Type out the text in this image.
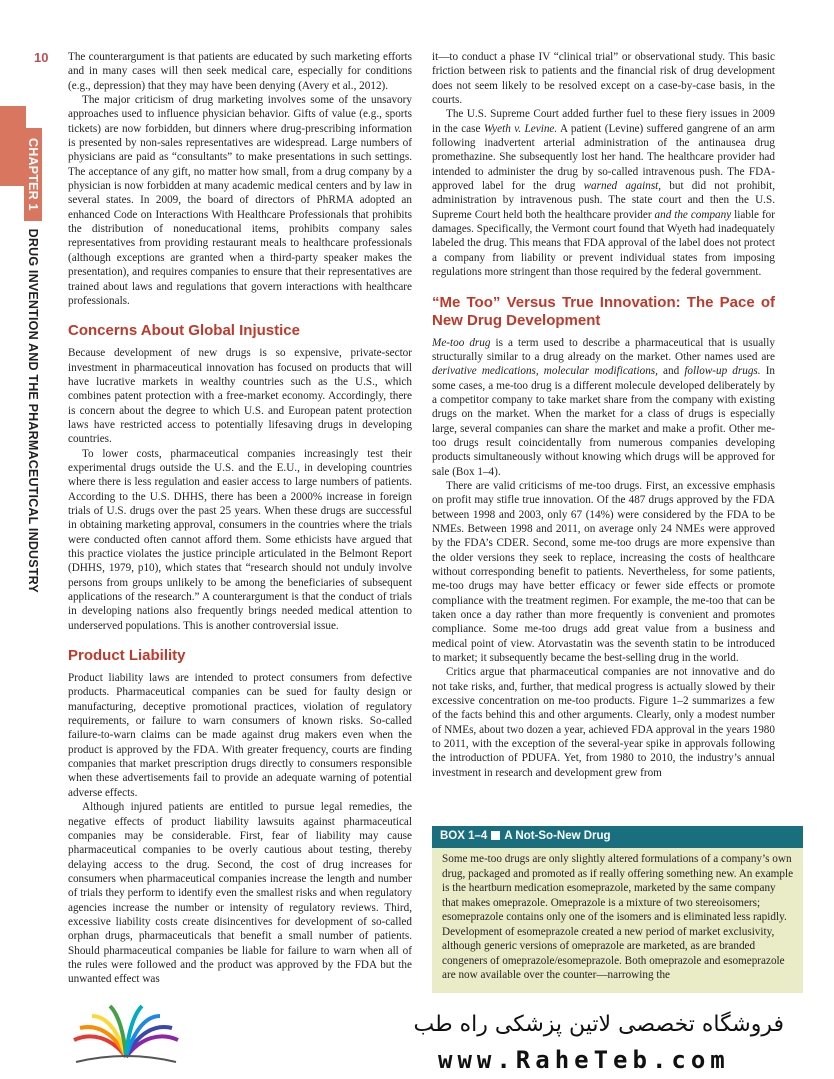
10
CHAPTER 1DRUG INVENTION AND THE PHARMACEUTICAL INDUSTRY

The counterargument is that patients are educated by such marketing efforts and in many cases will then seek medical care, especially for conditions (e.g., depression) that they may have been denying (Avery et al., 2012).

The major criticism of drug marketing involves some of the unsavory approaches used to influence physician behavior. Gifts of value (e.g., sports tickets) are now forbidden, but dinners where drug-prescribing information is presented by non-sales representatives are widespread. Large numbers of physicians are paid as “consultants” to make presentations in such settings. The acceptance of any gift, no matter how small, from a drug company by a physician is now forbidden at many academic medical centers and by law in several states. In 2009, the board of directors of PhRMA adopted an enhanced Code on Interactions With Healthcare Professionals that prohibits the distribution of noneducational items, prohibits company sales representatives from providing restaurant meals to healthcare professionals (although exceptions are granted when a third-party speaker makes the presentation), and requires companies to ensure that their representatives are trained about laws and regulations that govern interactions with healthcare professionals.

Concerns About Global Injustice

Because development of new drugs is so expensive, private-sector investment in pharmaceutical innovation has focused on products that will have lucrative markets in wealthy countries such as the U.S., which combines patent protection with a free-market economy. Accordingly, there is concern about the degree to which U.S. and European patent protection laws have restricted access to potentially lifesaving drugs in developing countries.

To lower costs, pharmaceutical companies increasingly test their experimental drugs outside the U.S. and the E.U., in developing countries where there is less regulation and easier access to large numbers of patients. According to the U.S. DHHS, there has been a 2000% increase in foreign trials of U.S. drugs over the past 25 years. When these drugs are successful in obtaining marketing approval, consumers in the countries where the trials were conducted often cannot afford them. Some ethicists have argued that this practice violates the justice principle articulated in the Belmont Report (DHHS, 1979, p10), which states that “research should not unduly involve persons from groups unlikely to be among the beneficiaries of subsequent applications of the research.” A counterargument is that the conduct of trials in developing nations also frequently brings needed medical attention to underserved populations. This is another controversial issue.

Product Liability

Product liability laws are intended to protect consumers from defective products. Pharmaceutical companies can be sued for faulty design or manufacturing, deceptive promotional practices, violation of regulatory requirements, or failure to warn consumers of known risks. So-called failure-to-warn claims can be made against drug makers even when the product is approved by the FDA. With greater frequency, courts are finding companies that market prescription drugs directly to consumers responsible when these advertisements fail to provide an adequate warning of potential adverse effects.

Although injured patients are entitled to pursue legal remedies, the negative effects of product liability lawsuits against pharmaceutical companies may be considerable. First, fear of liability may cause pharmaceutical companies to be overly cautious about testing, thereby delaying access to the drug. Second, the cost of drug increases for consumers when pharmaceutical companies increase the length and number of trials they perform to identify even the smallest risks and when regulatory agencies increase the number or intensity of regulatory reviews. Third, excessive liability costs create disincentives for development of so-called orphan drugs, pharmaceuticals that benefit a small number of patients. Should pharmaceutical companies be liable for failure to warn when all of the rules were followed and the product was approved by the FDA but the unwanted effect was

it—to conduct a phase IV “clinical trial” or observational study. This basic friction between risk to patients and the financial risk of drug development does not seem likely to be resolved except on a case-by-case basis, in the courts.

The U.S. Supreme Court added further fuel to these fiery issues in 2009 in the case Wyeth v. Levine. A patient (Levine) suffered gangrene of an arm following inadvertent arterial administration of the antinausea drug promethazine. She subsequently lost her hand. The healthcare provider had intended to administer the drug by so-called intravenous push. The FDA-approved label for the drug warned against, but did not prohibit, administration by intravenous push. The state court and then the U.S. Supreme Court held both the healthcare provider and the company liable for damages. Specifically, the Vermont court found that Wyeth had inadequately labeled the drug. This means that FDA approval of the label does not protect a company from liability or prevent individual states from imposing regulations more stringent than those required by the federal government.

“Me Too” Versus True Innovation: The Pace of New Drug Development

Me-too drug is a term used to describe a pharmaceutical that is usually structurally similar to a drug already on the market. Other names used are derivative medications, molecular modifications, and follow-up drugs. In some cases, a me-too drug is a different molecule developed deliberately by a competitor company to take market share from the company with existing drugs on the market. When the market for a class of drugs is especially large, several companies can share the market and make a profit. Other me-too drugs result coincidentally from numerous companies developing products simultaneously without knowing which drugs will be approved for sale (Box 1–4).

There are valid criticisms of me-too drugs. First, an excessive emphasis on profit may stifle true innovation. Of the 487 drugs approved by the FDA between 1998 and 2003, only 67 (14%) were considered by the FDA to be NMEs. Between 1998 and 2011, on average only 24 NMEs were approved by the FDA’s CDER. Second, some me-too drugs are more expensive than the older versions they seek to replace, increasing the costs of healthcare without corresponding benefit to patients. Nevertheless, for some patients, me-too drugs may have better efficacy or fewer side effects or promote compliance with the treatment regimen. For example, the me-too that can be taken once a day rather than more frequently is convenient and promotes compliance. Some me-too drugs add great value from a business and medical point of view. Atorvastatin was the seventh statin to be introduced to market; it subsequently became the best-selling drug in the world.

Critics argue that pharmaceutical companies are not innovative and do not take risks, and, further, that medical progress is actually slowed by their excessive concentration on me-too products. Figure 1–2 summarizes a few of the facts behind this and other arguments. Clearly, only a modest number of NMEs, about two dozen a year, achieved FDA approval in the years 1980 to 2011, with the exception of the several-year spike in approvals following the introduction of PDUFA. Yet, from 1980 to 2010, the industry’s annual investment in research and development grew from

BOX 1–4 A Not-So-New Drug
Some me-too drugs are only slightly altered formulations of a company’s own drug, packaged and promoted as if really offering something new. An example is the heartburn medication esomeprazole, marketed by the same company that makes omeprazole. Omeprazole is a mixture of two stereoisomers; esomeprazole contains only one of the isomers and is eliminated less rapidly. Development of esomeprazole created a new period of market exclusivity, although generic versions of omeprazole are marketed, as are branded congeners of omeprazole/esomeprazole. Both omeprazole and esomeprazole are now available over the counter—narrowing the
فروشگاه تخصصی لاتین پزشکی راه طب
www.RaheTeb.com
